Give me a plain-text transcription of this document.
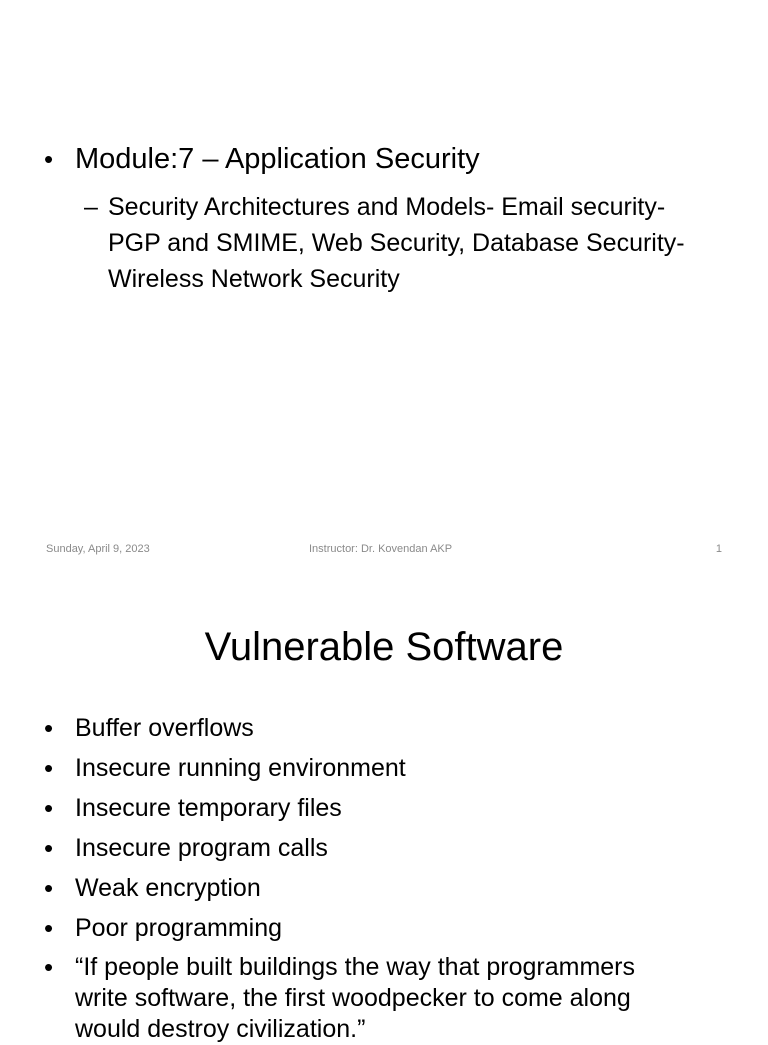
• Module:7 – Application Security
– Security Architectures and Models- Email security-
PGP and SMIME, Web Security, Database Security-
Wireless Network Security
Sunday, April 9, 2023	Instructor: Dr. Kovendan AKP	1
Vulnerable Software
• Buffer overflows
• Insecure running environment
• Insecure temporary files
• Insecure program calls
• Weak encryption
• Poor programming
• “If people built buildings the way that programmers
write software, the first woodpecker to come along
would destroy civilization.”
